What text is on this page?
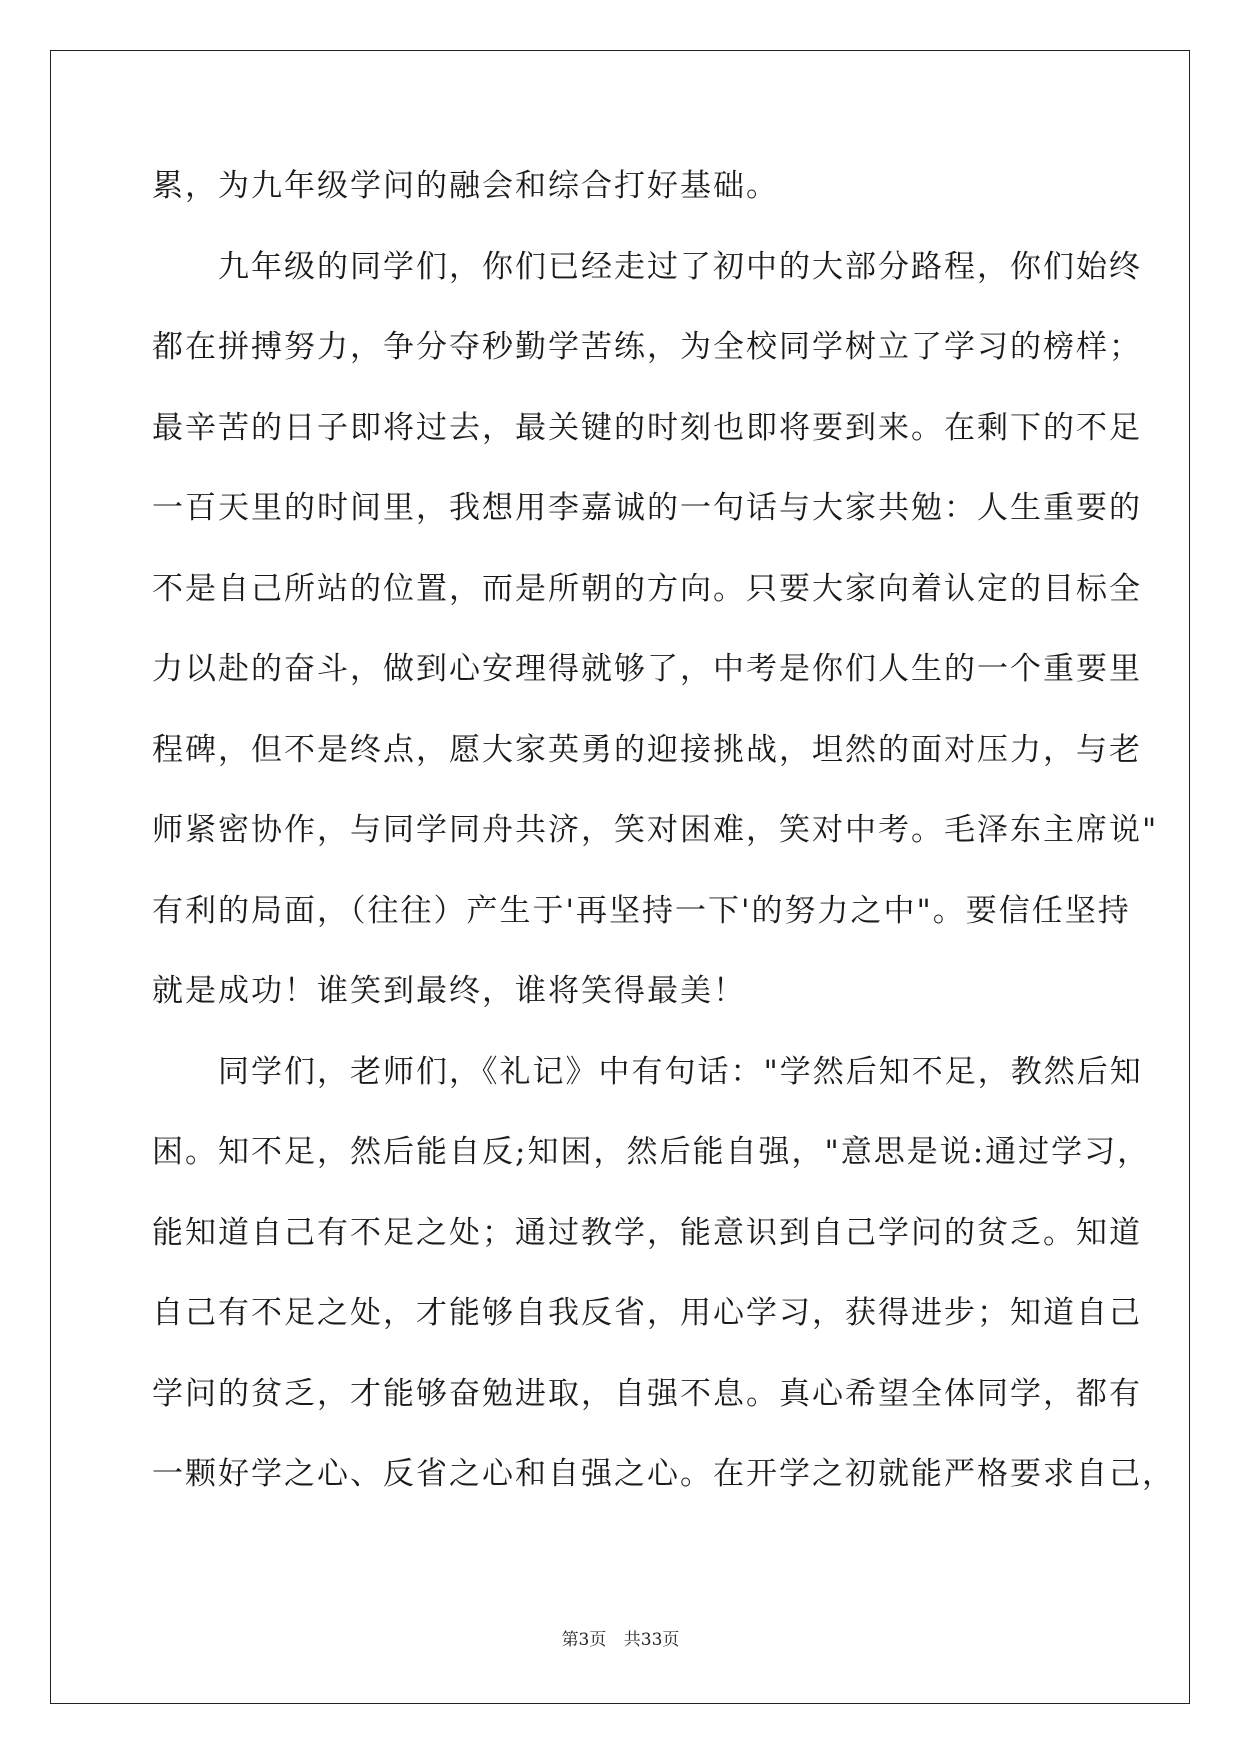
累，为九年级学问的融会和综合打好基础。
九年级的同学们，你们已经走过了初中的大部分路程，你们始终
都在拼搏努力，争分夺秒勤学苦练，为全校同学树立了学习的榜样；
最辛苦的日子即将过去，最关键的时刻也即将要到来。在剩下的不足
一百天里的时间里，我想用李嘉诚的一句话与大家共勉：人生重要的
不是自己所站的位置，而是所朝的方向。只要大家向着认定的目标全
力以赴的奋斗，做到心安理得就够了，中考是你们人生的一个重要里
程碑，但不是终点，愿大家英勇的迎接挑战，坦然的面对压力，与老
师紧密协作，与同学同舟共济，笑对困难，笑对中考。毛泽东主席说"
有利的局面，（往往）产生于'再坚持一下'的努力之中"。要信任坚持
就是成功！谁笑到最终，谁将笑得最美！
同学们，老师们，《礼记》中有句话："学然后知不足，教然后知
困。知不足，然后能自反;知困，然后能自强，"意思是说:通过学习，
能知道自己有不足之处；通过教学，能意识到自己学问的贫乏。知道
自己有不足之处，才能够自我反省，用心学习，获得进步；知道自己
学问的贫乏，才能够奋勉进取，自强不息。真心希望全体同学，都有
一颗好学之心、反省之心和自强之心。在开学之初就能严格要求自己，
第3页 共33页
